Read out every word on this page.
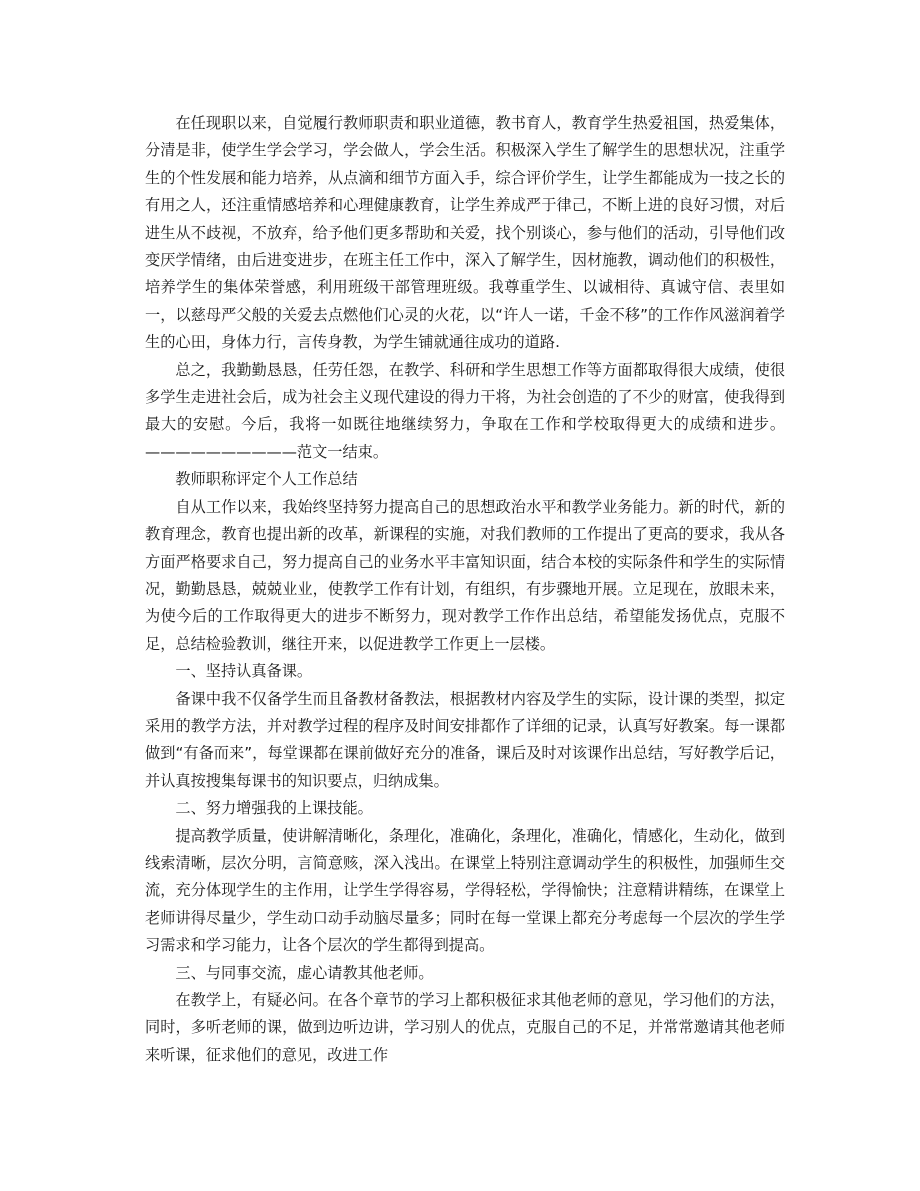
在任现职以来，自觉履行教师职责和职业道德，教书育人，教育学生热爱祖国，热爱集体，分清是非，使学生学会学习，学会做人，学会生活。积极深入学生了解学生的思想状况，注重学生的个性发展和能力培养，从点滴和细节方面入手，综合评价学生，让学生都能成为一技之长的有用之人，还注重情感培养和心理健康教育，让学生养成严于律己，不断上进的良好习惯，对后进生从不歧视，不放弃，给予他们更多帮助和关爱，找个别谈心，参与他们的活动，引导他们改变厌学情绪，由后进变进步，在班主任工作中，深入了解学生，因材施教，调动他们的积极性，培养学生的集体荣誉感，利用班级干部管理班级。我尊重学生、以诚相待、真诚守信、表里如一，以慈母严父般的关爱去点燃他们心灵的火花，以“许人一诺，千金不移”的工作作风滋润着学生的心田，身体力行，言传身教，为学生铺就通往成功的道路.

总之，我勤勤恳恳，任劳任怨，在教学、科研和学生思想工作等方面都取得很大成绩，使很多学生走进社会后，成为社会主义现代建设的得力干将，为社会创造的了不少的财富，使我得到最大的安慰。今后，我将一如既往地继续努力，争取在工作和学校取得更大的成绩和进步。 ——————————范文一结束。

教师职称评定个人工作总结

自从工作以来，我始终坚持努力提高自己的思想政治水平和教学业务能力。新的时代，新的教育理念，教育也提出新的改革，新课程的实施，对我们教师的工作提出了更高的要求，我从各方面严格要求自己，努力提高自己的业务水平丰富知识面，结合本校的实际条件和学生的实际情况，勤勤恳恳，兢兢业业，使教学工作有计划，有组织，有步骤地开展。立足现在，放眼未来，为使今后的工作取得更大的进步不断努力，现对教学工作作出总结，希望能发扬优点，克服不足，总结检验教训，继往开来，以促进教学工作更上一层楼。

一、坚持认真备课。

备课中我不仅备学生而且备教材备教法，根据教材内容及学生的实际，设计课的类型，拟定采用的教学方法，并对教学过程的程序及时间安排都作了详细的记录，认真写好教案。每一课都做到“有备而来”，每堂课都在课前做好充分的准备，课后及时对该课作出总结，写好教学后记，并认真按搜集每课书的知识要点，归纳成集。

二、努力增强我的上课技能。

提高教学质量，使讲解清晰化，条理化，准确化，条理化，准确化，情感化，生动化，做到线索清晰，层次分明，言简意赅，深入浅出。在课堂上特别注意调动学生的积极性，加强师生交流，充分体现学生的主作用，让学生学得容易，学得轻松，学得愉快；注意精讲精练，在课堂上老师讲得尽量少，学生动口动手动脑尽量多；同时在每一堂课上都充分考虑每一个层次的学生学习需求和学习能力，让各个层次的学生都得到提高。

三、与同事交流，虚心请教其他老师。

在教学上，有疑必问。在各个章节的学习上都积极征求其他老师的意见，学习他们的方法，同时，多听老师的课，做到边听边讲，学习别人的优点，克服自己的不足，并常常邀请其他老师来听课，征求他们的意见，改进工作
